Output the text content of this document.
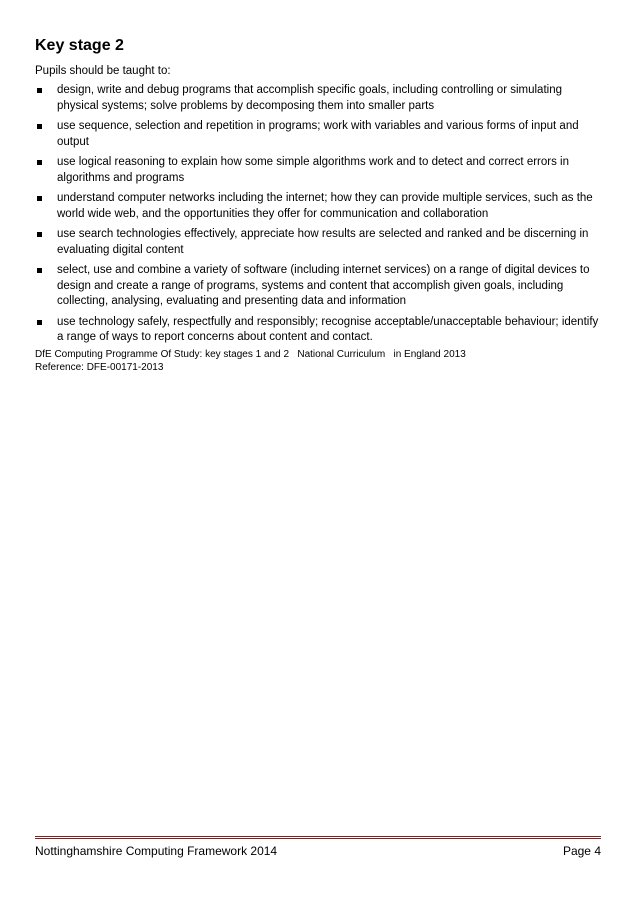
Key stage 2
Pupils should be taught to:
design, write and debug programs that accomplish specific goals, including controlling or simulating physical systems; solve problems by decomposing them into smaller parts
use sequence, selection and repetition in programs; work with variables and various forms of input and output
use logical reasoning to explain how some simple algorithms work and to detect and correct errors in algorithms and programs
understand computer networks including the internet; how they can provide multiple services, such as the world wide web, and the opportunities they offer for communication and collaboration
use search technologies effectively, appreciate how results are selected and ranked and be discerning in evaluating digital content
select, use and combine a variety of software (including internet services) on a range of digital devices to design and create a range of programs, systems and content that accomplish given goals, including collecting, analysing, evaluating and presenting data and information
use technology safely, respectfully and responsibly; recognise acceptable/unacceptable behaviour; identify a range of ways to report concerns about content and contact.
DfE Computing Programme Of Study: key stages 1 and 2   National Curriculum   in England 2013
Reference: DFE-00171-2013
Nottinghamshire Computing Framework 2014	Page 4
